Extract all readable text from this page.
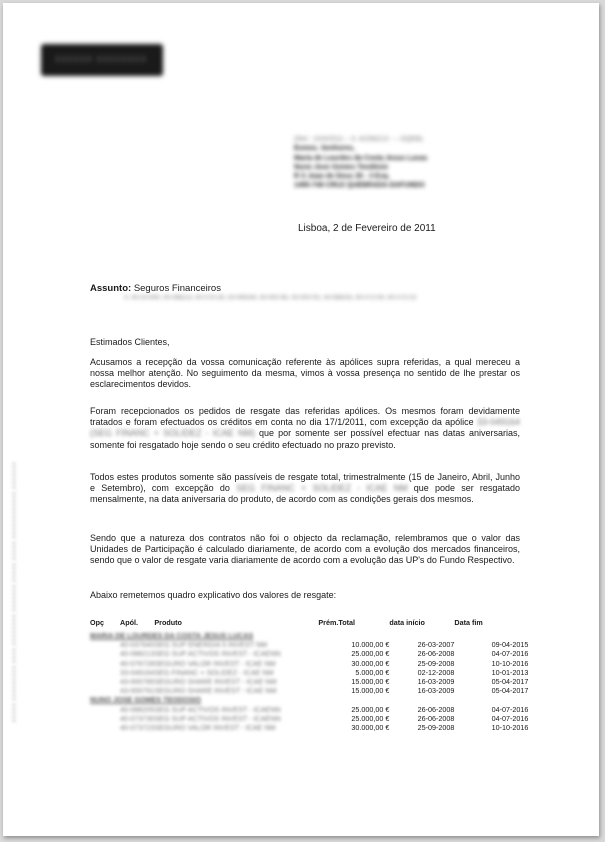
XXXXXX XXXXXXXX
XXXXX XXXXXXXXX XXXX XXXXXXXX XXXXXXX XXXXX XXXXX XXXXXXXXXXXX XXXXXXX
(Ref.: 10/3/2011 – 0. 6/256213 - – DQEB)
Exmos. Senhores,
Maria de Lourdes da Costa Jesus Lucas
Nuno Jose Gomes Teodósio
R S Joao de Deus 35 - 3 Esq.
1495-748 CRUZ QUEBRADA-DAFUNDO
Lisboa, 2 de Fevereiro de 2011
Assunto: Seguros Financeiros
A. 40-037640, 40-088213, 40-076728, 33-049164, 43-000785, 43-000791, 43-088205, 40-073730, 40-073723

Estimados Clientes,

Acusamos a recepção da vossa comunicação referente às apólices supra referidas, a qual mereceu a nossa melhor atenção. No seguimento da mesma, vimos à vossa presença no sentido de lhe prestar os esclarecimentos devidos.

Foram recepcionados os pedidos de resgate das referidas apólices. Os mesmos foram devidamente tratados e foram efectuados os créditos em conta no dia 17/1/2011, com excepção da apólice 33-049164 (SEG FINANC + SOLIDEZ - ICAE NM) que por somente ser possível efectuar nas datas aniversarias, somente foi resgatado hoje sendo o seu crédito efectuado no prazo previsto.

Todos estes produtos somente são passíveis de resgate total, trimestralmente (15 de Janeiro, Abril, Junho e Setembro), com excepção do SEG FINANC + SOLIDEZ - ICAE NM que pode ser resgatado mensalmente, na data aniversaria do produto, de acordo com as condições gerais dos mesmos.

Sendo que a natureza dos contratos não foi o objecto da reclamação, relembramos que o valor das Unidades de Participação é calculado diariamente, de acordo com a evolução dos mercados financeiros, sendo que o valor de resgate varia diariamente de acordo com a evolução das UP's do Fundo Respectivo.

Abaixo remetemos quadro explicativo dos valores de resgate:

Opç	Apól.	Produto	Prém.Total	data início	Data fim
MARIA DE LOURDES DA COSTA JESUS LUCAS					
	40-037640	SEG SUP ENERGIA 5 INVEST NM	10.000,00 €	26-03-2007	09-04-2015
	40-088213	SEG SUP ACTIVOS INVEST - ICAENN	25.000,00 €	26-06-2008	04-07-2016
	40-076728	SEGURO VALOR INVEST - ICAE NM	30.000,00 €	25-09-2008	10-10-2016
	33-049164	SEG FINANC + SOLIDEZ - ICAE NM	5.000,00 €	02-12-2008	10-01-2013
	43-000785	SEGURO SHARE INVEST - ICAE NM	15.000,00 €	16-03-2009	05-04-2017
	43-000791	SEGURO SHARE INVEST - ICAE NM	15.000,00 €	16-03-2009	05-04-2017
NUNO JOSE GOMES TEODOSIO					
	40-088205	SEG SUP ACTIVOS INVEST - ICAENN	25.000,00 €	26-06-2008	04-07-2016
	40-073730	SEG SUP ACTIVOS INVEST - ICAENN	25.000,00 €	26-06-2008	04-07-2016
	40-073723	SEGURO VALOR INVEST - ICAE NM	30.000,00 €	25-09-2008	10-10-2016
